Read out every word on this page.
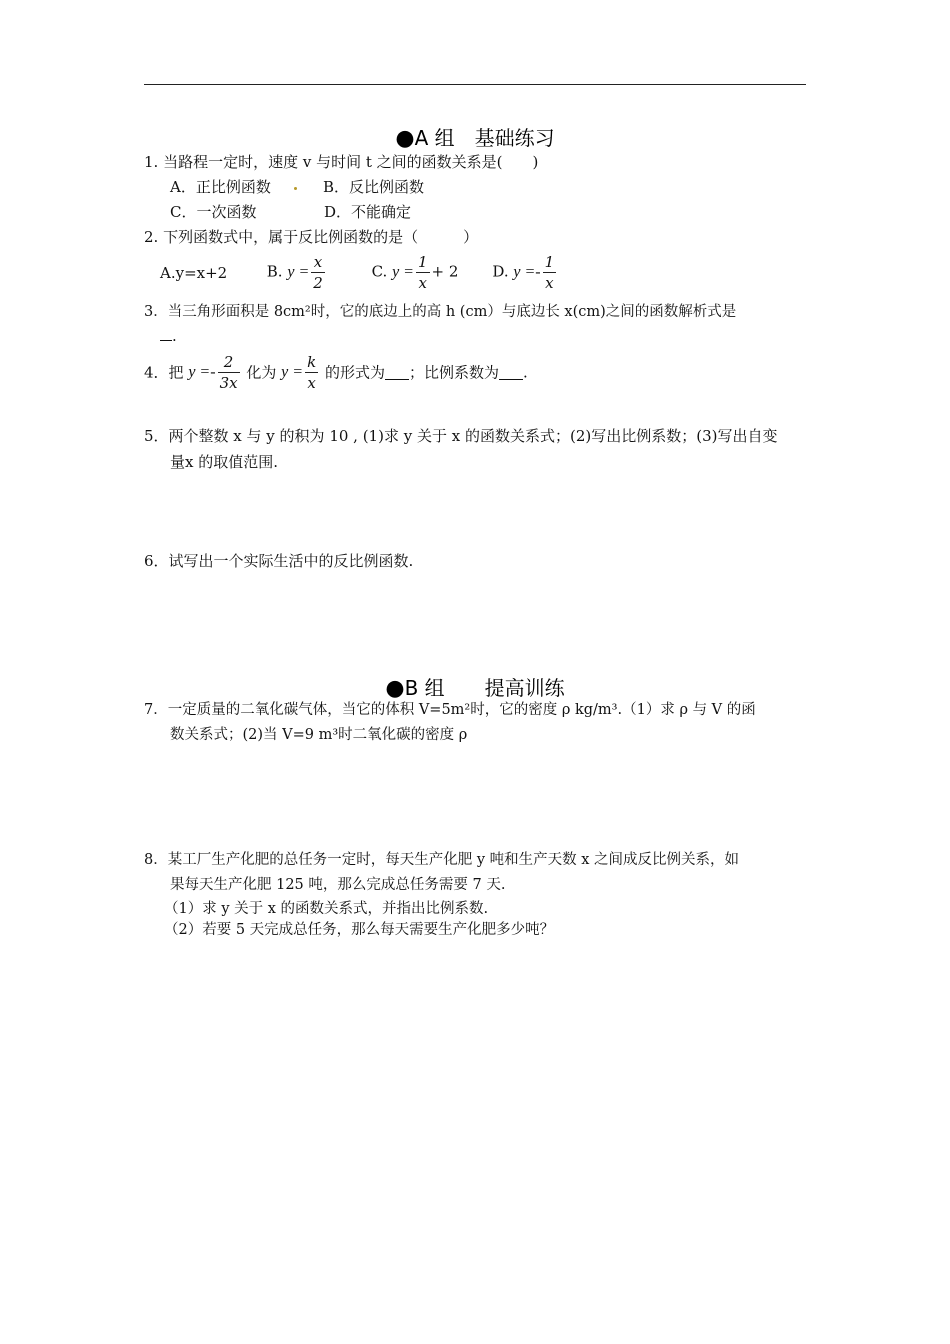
●A 组　基础练习
1. 当路程一定时，速度 v 与时间 t 之间的函数关系是(　　)
A．正比例函数	B．反比例函数
C．一次函数	D．不能确定
2. 下列函数式中，属于反比例函数的是（　　　）
A.y=x+2	B. $y = \frac{x}{2}$	C. $y = \frac{1}{x} + 2$ D. $y =- \frac{1}{x}$
3．当三角形面积是 8cm²时，它的底边上的高 h (cm）与底边长 x(cm)之间的函数解析式是
.
4．把 $y =- \frac{2}{3x}$ 化为 $y = \frac{k}{x}$ 的形式为 ；比例系数为 .
5．两个整数 x 与 y 的积为 10 , (1)求 y 关于 x 的函数关系式；(2)写出比例系数；(3)写出自变
量x 的取值范围.
6．试写出一个实际生活中的反比例函数.
●B 组　　提高训练
7．一定质量的二氧化碳气体，当它的体积 V=5m²时，它的密度 ρ kg/m³.（1）求 ρ 与 V 的函
数关系式；(2)当 V=9 m³时二氧化碳的密度 ρ
8．某工厂生产化肥的总任务一定时，每天生产化肥 y 吨和生产天数 x 之间成反比例关系，如
果每天生产化肥 125 吨，那么完成总任务需要 7 天.
（1）求 y 关于 x 的函数关系式，并指出比例系数.
（2）若要 5 天完成总任务，那么每天需要生产化肥多少吨？
